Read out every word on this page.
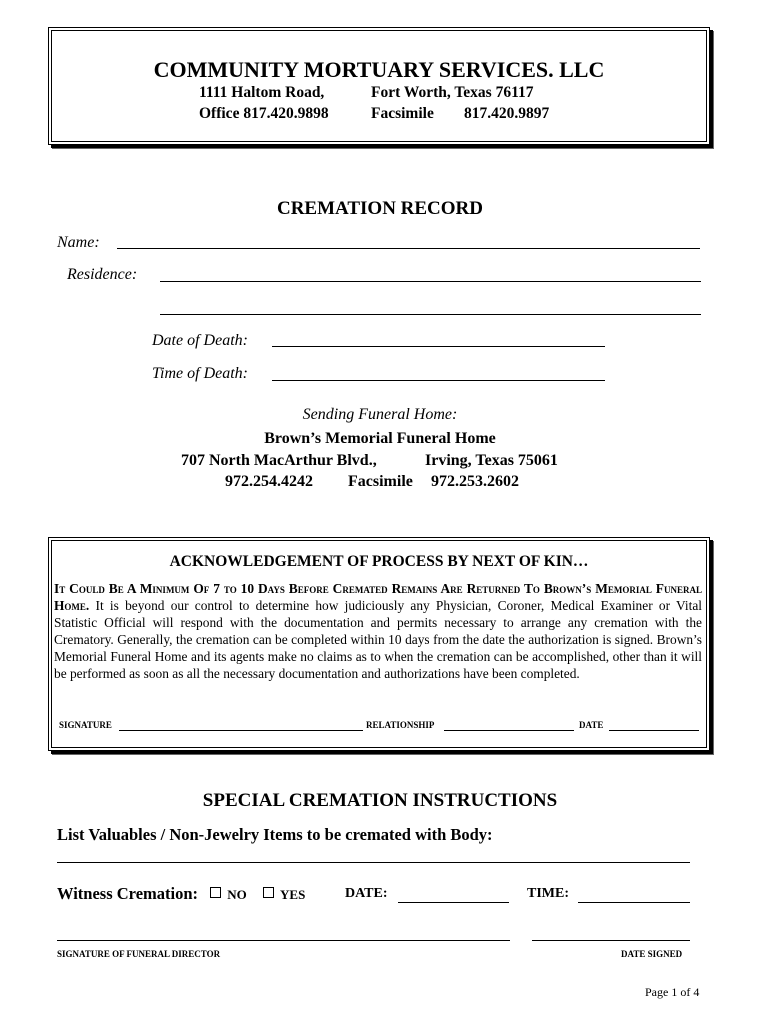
COMMUNITY MORTUARY SERVICES. LLC
1111 Haltom Road,	Fort Worth, Texas 76117
Office 817.420.9898	Facsimile 817.420.9897
CREMATION RECORD
Name:
Residence:
Date of Death:
Time of Death:
Sending Funeral Home:
Brown’s Memorial Funeral Home
707 North MacArthur Blvd.,	Irving, Texas 75061
972.254.4242 Facsimile 972.253.2602
ACKNOWLEDGEMENT OF PROCESS BY NEXT OF KIN…
It Could Be A Minimum Of 7 to 10 Days Before Cremated Remains Are Returned To Brown’s Memorial Funeral Home. It is beyond our control to determine how judiciously any Physician, Coroner, Medical Examiner or Vital Statistic Official will respond with the documentation and permits necessary to arrange any cremation with the Crematory. Generally, the cremation can be completed within 10 days from the date the authorization is signed. Brown’s Memorial Funeral Home and its agents make no claims as to when the cremation can be accomplished, other than it will be performed as soon as all the necessary documentation and authorizations have been completed.
SIGNATURE	RELATIONSHIP	DATE
SPECIAL CREMATION INSTRUCTIONS
List Valuables / Non-Jewelry Items to be cremated with Body:
Witness Cremation: NO	YES	DATE:	TIME:
SIGNATURE OF FUNERAL DIRECTOR	DATE SIGNED
Page 1 of 4
